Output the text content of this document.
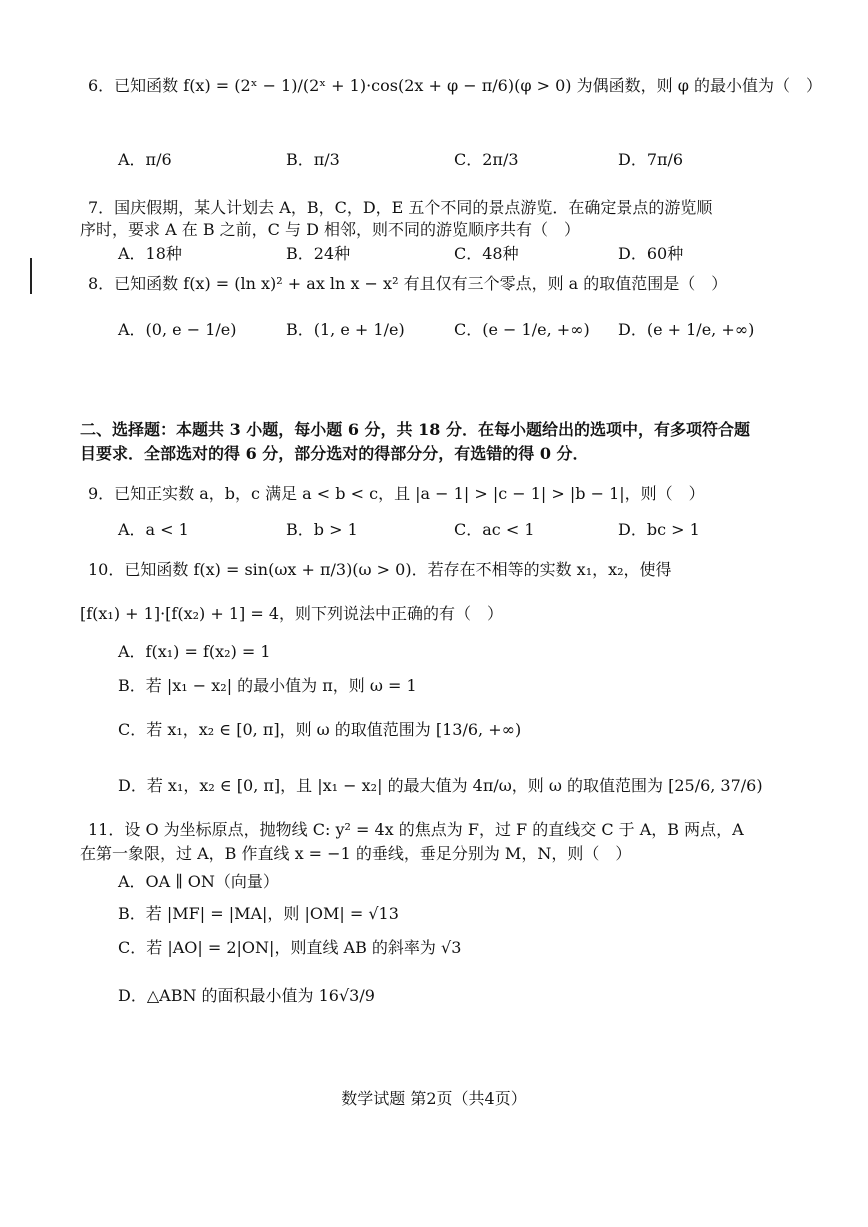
6．已知函数 f(x) = (2ˣ − 1)/(2ˣ + 1)·cos(2x + φ − π/6)(φ > 0) 为偶函数，则 φ 的最小值为（　）
A．π/6	B．π/3	C．2π/3	D．7π/6
7．国庆假期，某人计划去 A，B，C，D，E 五个不同的景点游览．在确定景点的游览顺
序时，要求 A 在 B 之前，C 与 D 相邻，则不同的游览顺序共有（　）
A．18种	B．24种	C．48种	D．60种
8．已知函数 f(x) = (ln x)² + ax ln x − x² 有且仅有三个零点，则 a 的取值范围是（　）
A．(0, e − 1/e)	B．(1, e + 1/e)	C．(e − 1/e, +∞) D．(e + 1/e, +∞)
二、选择题：本题共 3 小题，每小题 6 分，共 18 分．在每小题给出的选项中，有多项符合题
目要求．全部选对的得 6 分，部分选对的得部分分，有选错的得 0 分．
9．已知正实数 a，b，c 满足 a < b < c，且 |a − 1| > |c − 1| > |b − 1|，则（　）
A．a < 1	B．b > 1	C．ac < 1	D．bc > 1
10．已知函数 f(x) = sin(ωx + π/3)(ω > 0)．若存在不相等的实数 x₁，x₂，使得
[f(x₁) + 1]·[f(x₂) + 1] = 4，则下列说法中正确的有（　）
A．f(x₁) = f(x₂) = 1
B．若 |x₁ − x₂| 的最小值为 π，则 ω = 1
C．若 x₁，x₂ ∈ [0, π]，则 ω 的取值范围为 [13/6, +∞)
D．若 x₁，x₂ ∈ [0, π]，且 |x₁ − x₂| 的最大值为 4π/ω，则 ω 的取值范围为 [25/6, 37/6)
11．设 O 为坐标原点，抛物线 C: y² = 4x 的焦点为 F，过 F 的直线交 C 于 A，B 两点，A
在第一象限，过 A，B 作直线 x = −1 的垂线，垂足分别为 M，N，则（　）
A．OA ∥ ON（向量）
B．若 |MF| = |MA|，则 |OM| = √13
C．若 |AO| = 2|ON|，则直线 AB 的斜率为 √3
D．△ABN 的面积最小值为 16√3/9
数学试题 第2页（共4页）
